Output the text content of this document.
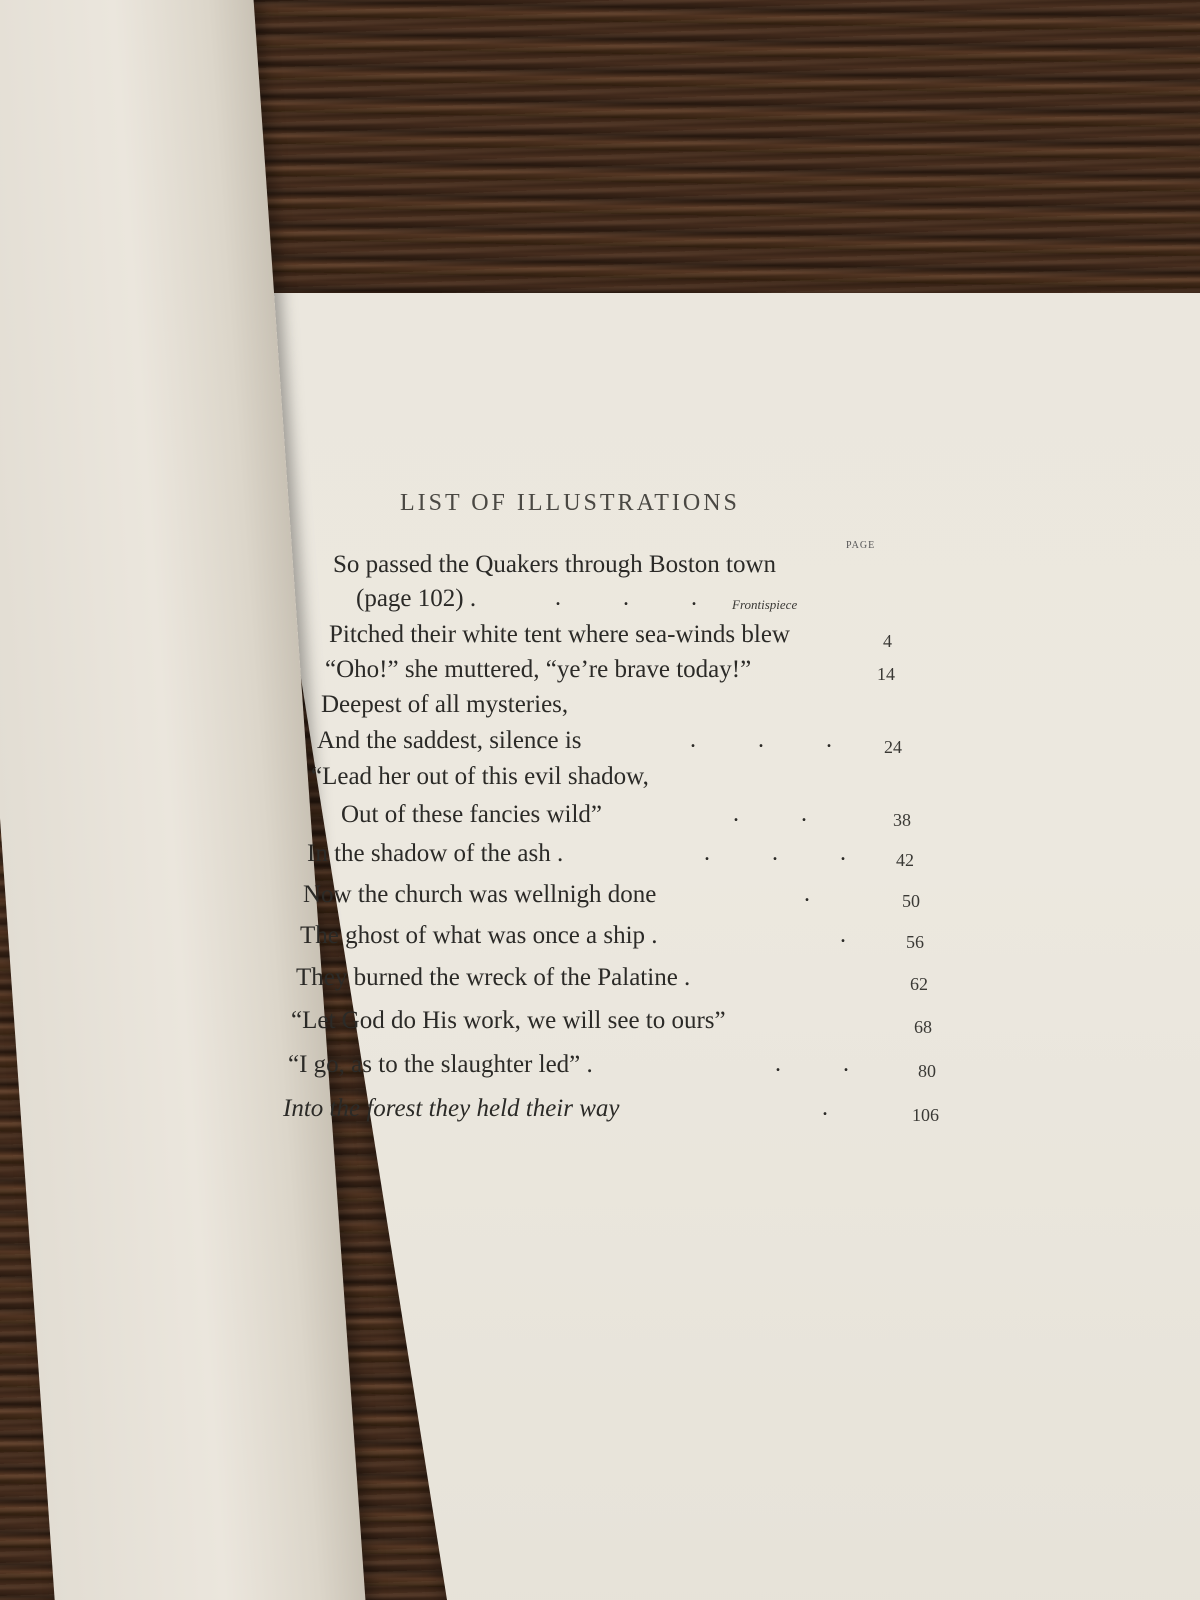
LIST OF ILLUSTRATIONS
PAGE
So passed the Quakers through Boston town
(page 102) .	. . . Frontispiece
Pitched their white tent where sea-winds blew	4
“Oho!” she muttered, “ye’re brave today!”	14
Deepest of all mysteries,
And the saddest, silence is	. . . 24
“Lead her out of this evil shadow,
Out of these fancies wild”	. .	38
In the shadow of the ash .	. . . 42
Now the church was wellnigh done	.	50
The ghost of what was once a ship .	. 56
They burned the wreck of the Palatine .	62
“Let God do His work, we will see to ours”	68
“I go, as to the slaughter led” .	. . 80
Into the forest they held their way	.	106
